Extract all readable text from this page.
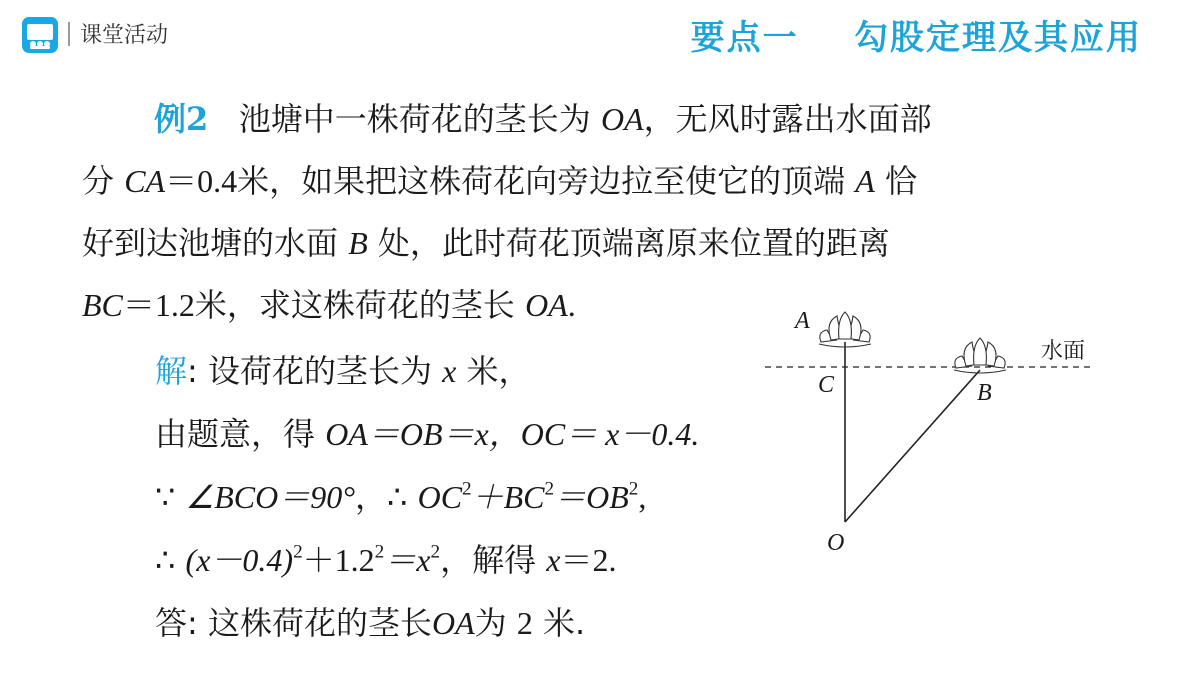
课堂活动	要点一    勾股定理及其应用
例2 池塘中一株荷花的茎长为 OA，无风时露出水面部
分 CA＝0.4米，如果把这株荷花向旁边拉至使它的顶端 A 恰
好到达池塘的水面 B 处，此时荷花顶端离原来位置的距离
BC＝1.2米，求这株荷花的茎长 OA.
解: 设荷花的茎长为 x 米，
由题意，得 OA＝OB＝x，OC＝ x－0.4.
∵ ∠BCO＝90°，∴ $OC^2+BC^2=OB^2$,
∴ $(x-0.4)^2+1.2^2=x^2$，解得 x＝2.
答: 这株荷花的茎长OA为 2 米.
A
C	B
O
水面
